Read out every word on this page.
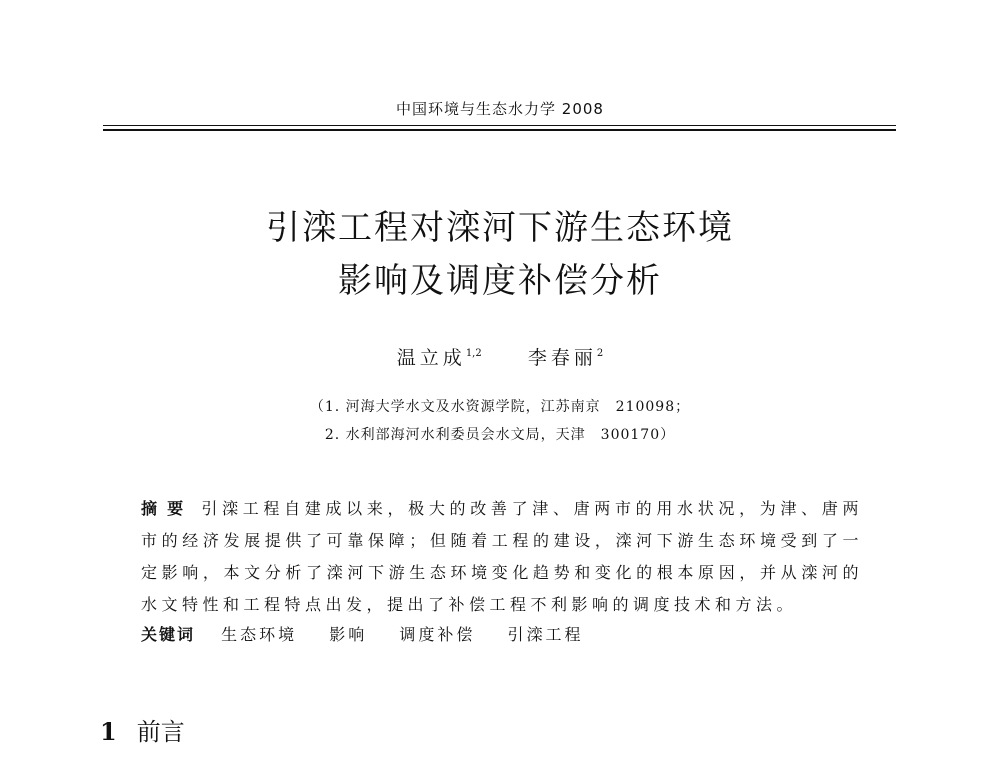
中国环境与生态水力学 2008
引滦工程对滦河下游生态环境
影响及调度补偿分析
温立成$^{1,2}$ 李春丽$^2$
（1. 河海大学水文及水资源学院，江苏南京　210098；
2. 水利部海河水利委员会水文局，天津　300170）
摘要 引滦工程自建成以来，极大的改善了津、唐两市的用水状况，为津、唐两市的经济发展提供了可靠保障；但随着工程的建设，滦河下游生态环境受到了一定影响，本文分析了滦河下游生态环境变化趋势和变化的根本原因，并从滦河的水文特性和工程特点出发，提出了补偿工程不利影响的调度技术和方法。
关键词 生态环境 影响 调度补偿 引滦工程
1 前言
